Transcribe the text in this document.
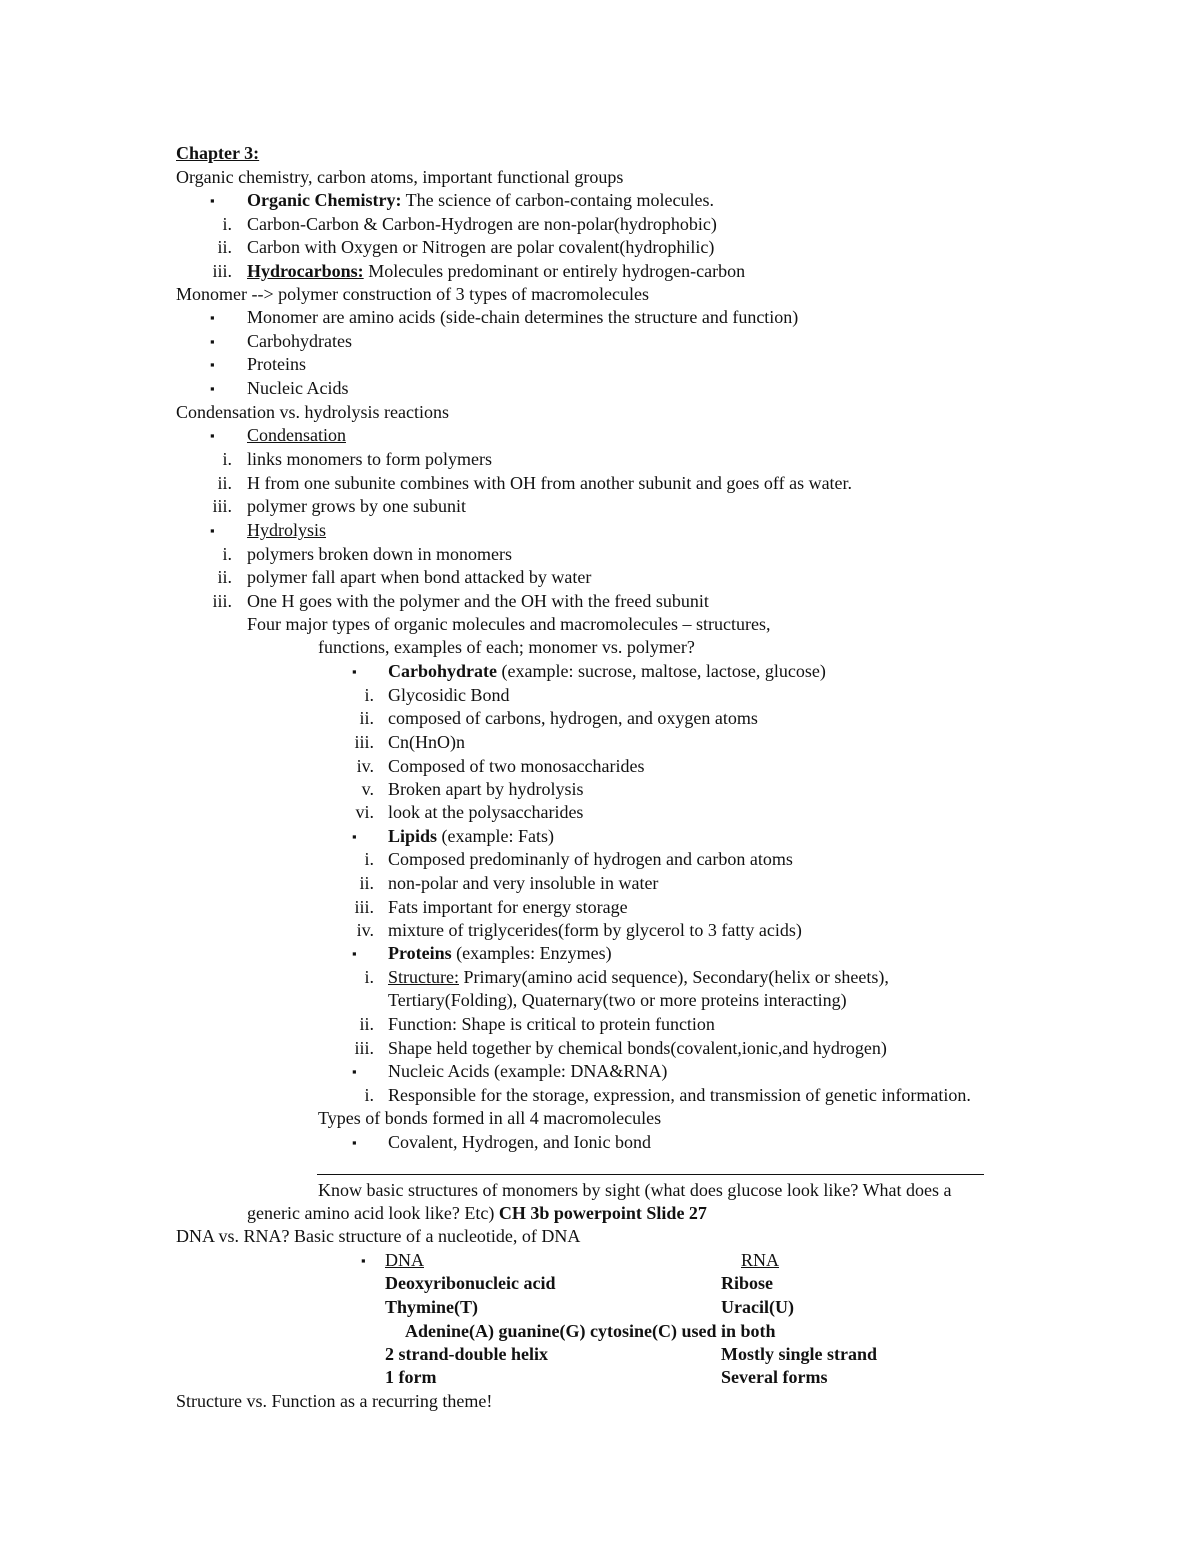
Chapter 3:
Organic chemistry, carbon atoms, important functional groups
▪ Organic Chemistry: The science of carbon-containg molecules.
i. Carbon-Carbon & Carbon-Hydrogen are non-polar(hydrophobic)
ii. Carbon with Oxygen or Nitrogen are polar covalent(hydrophilic)
iii. Hydrocarbons: Molecules predominant or entirely hydrogen-carbon
Monomer --> polymer construction of 3 types of macromolecules
▪ Monomer are amino acids (side-chain determines the structure and function)
▪ Carbohydrates
▪ Proteins
▪ Nucleic Acids
Condensation vs. hydrolysis reactions
▪ Condensation
i. links monomers to form polymers
ii. H from one subunite combines with OH from another subunit and goes off as water.
iii. polymer grows by one subunit
▪ Hydrolysis
i. polymers broken down in monomers
ii. polymer fall apart when bond attacked by water
iii. One H goes with the polymer and the OH with the freed subunit
Four major types of organic molecules and macromolecules – structures,
functions, examples of each; monomer vs. polymer?
▪ Carbohydrate (example: sucrose, maltose, lactose, glucose)
i. Glycosidic Bond
ii. composed of carbons, hydrogen, and oxygen atoms
iii. Cn(HnO)n
iv. Composed of two monosaccharides
v. Broken apart by hydrolysis
vi. look at the polysaccharides
▪ Lipids (example: Fats)
i. Composed predominanly of hydrogen and carbon atoms
ii. non-polar and very insoluble in water
iii. Fats important for energy storage
iv. mixture of triglycerides(form by glycerol to 3 fatty acids)
▪ Proteins (examples: Enzymes)
i. Structure: Primary(amino acid sequence), Secondary(helix or sheets),
Tertiary(Folding), Quaternary(two or more proteins interacting)
ii. Function: Shape is critical to protein function
iii. Shape held together by chemical bonds(covalent,ionic,and hydrogen)
▪ Nucleic Acids (example: DNA&RNA)
i. Responsible for the storage, expression, and transmission of genetic information.
Types of bonds formed in all 4 macromolecules
▪ Covalent, Hydrogen, and Ionic bond
Know basic structures of monomers by sight (what does glucose look like? What does a
generic amino acid look like? Etc) CH 3b powerpoint Slide 27
DNA vs. RNA? Basic structure of a nucleotide, of DNA
▪ DNA	RNA
Deoxyribonucleic acid	Ribose
Thymine(T)	Uracil(U)
Adenine(A) guanine(G) cytosine(C) used in both
2 strand-double helix	Mostly single strand
1 form	Several forms
Structure vs. Function as a recurring theme!
